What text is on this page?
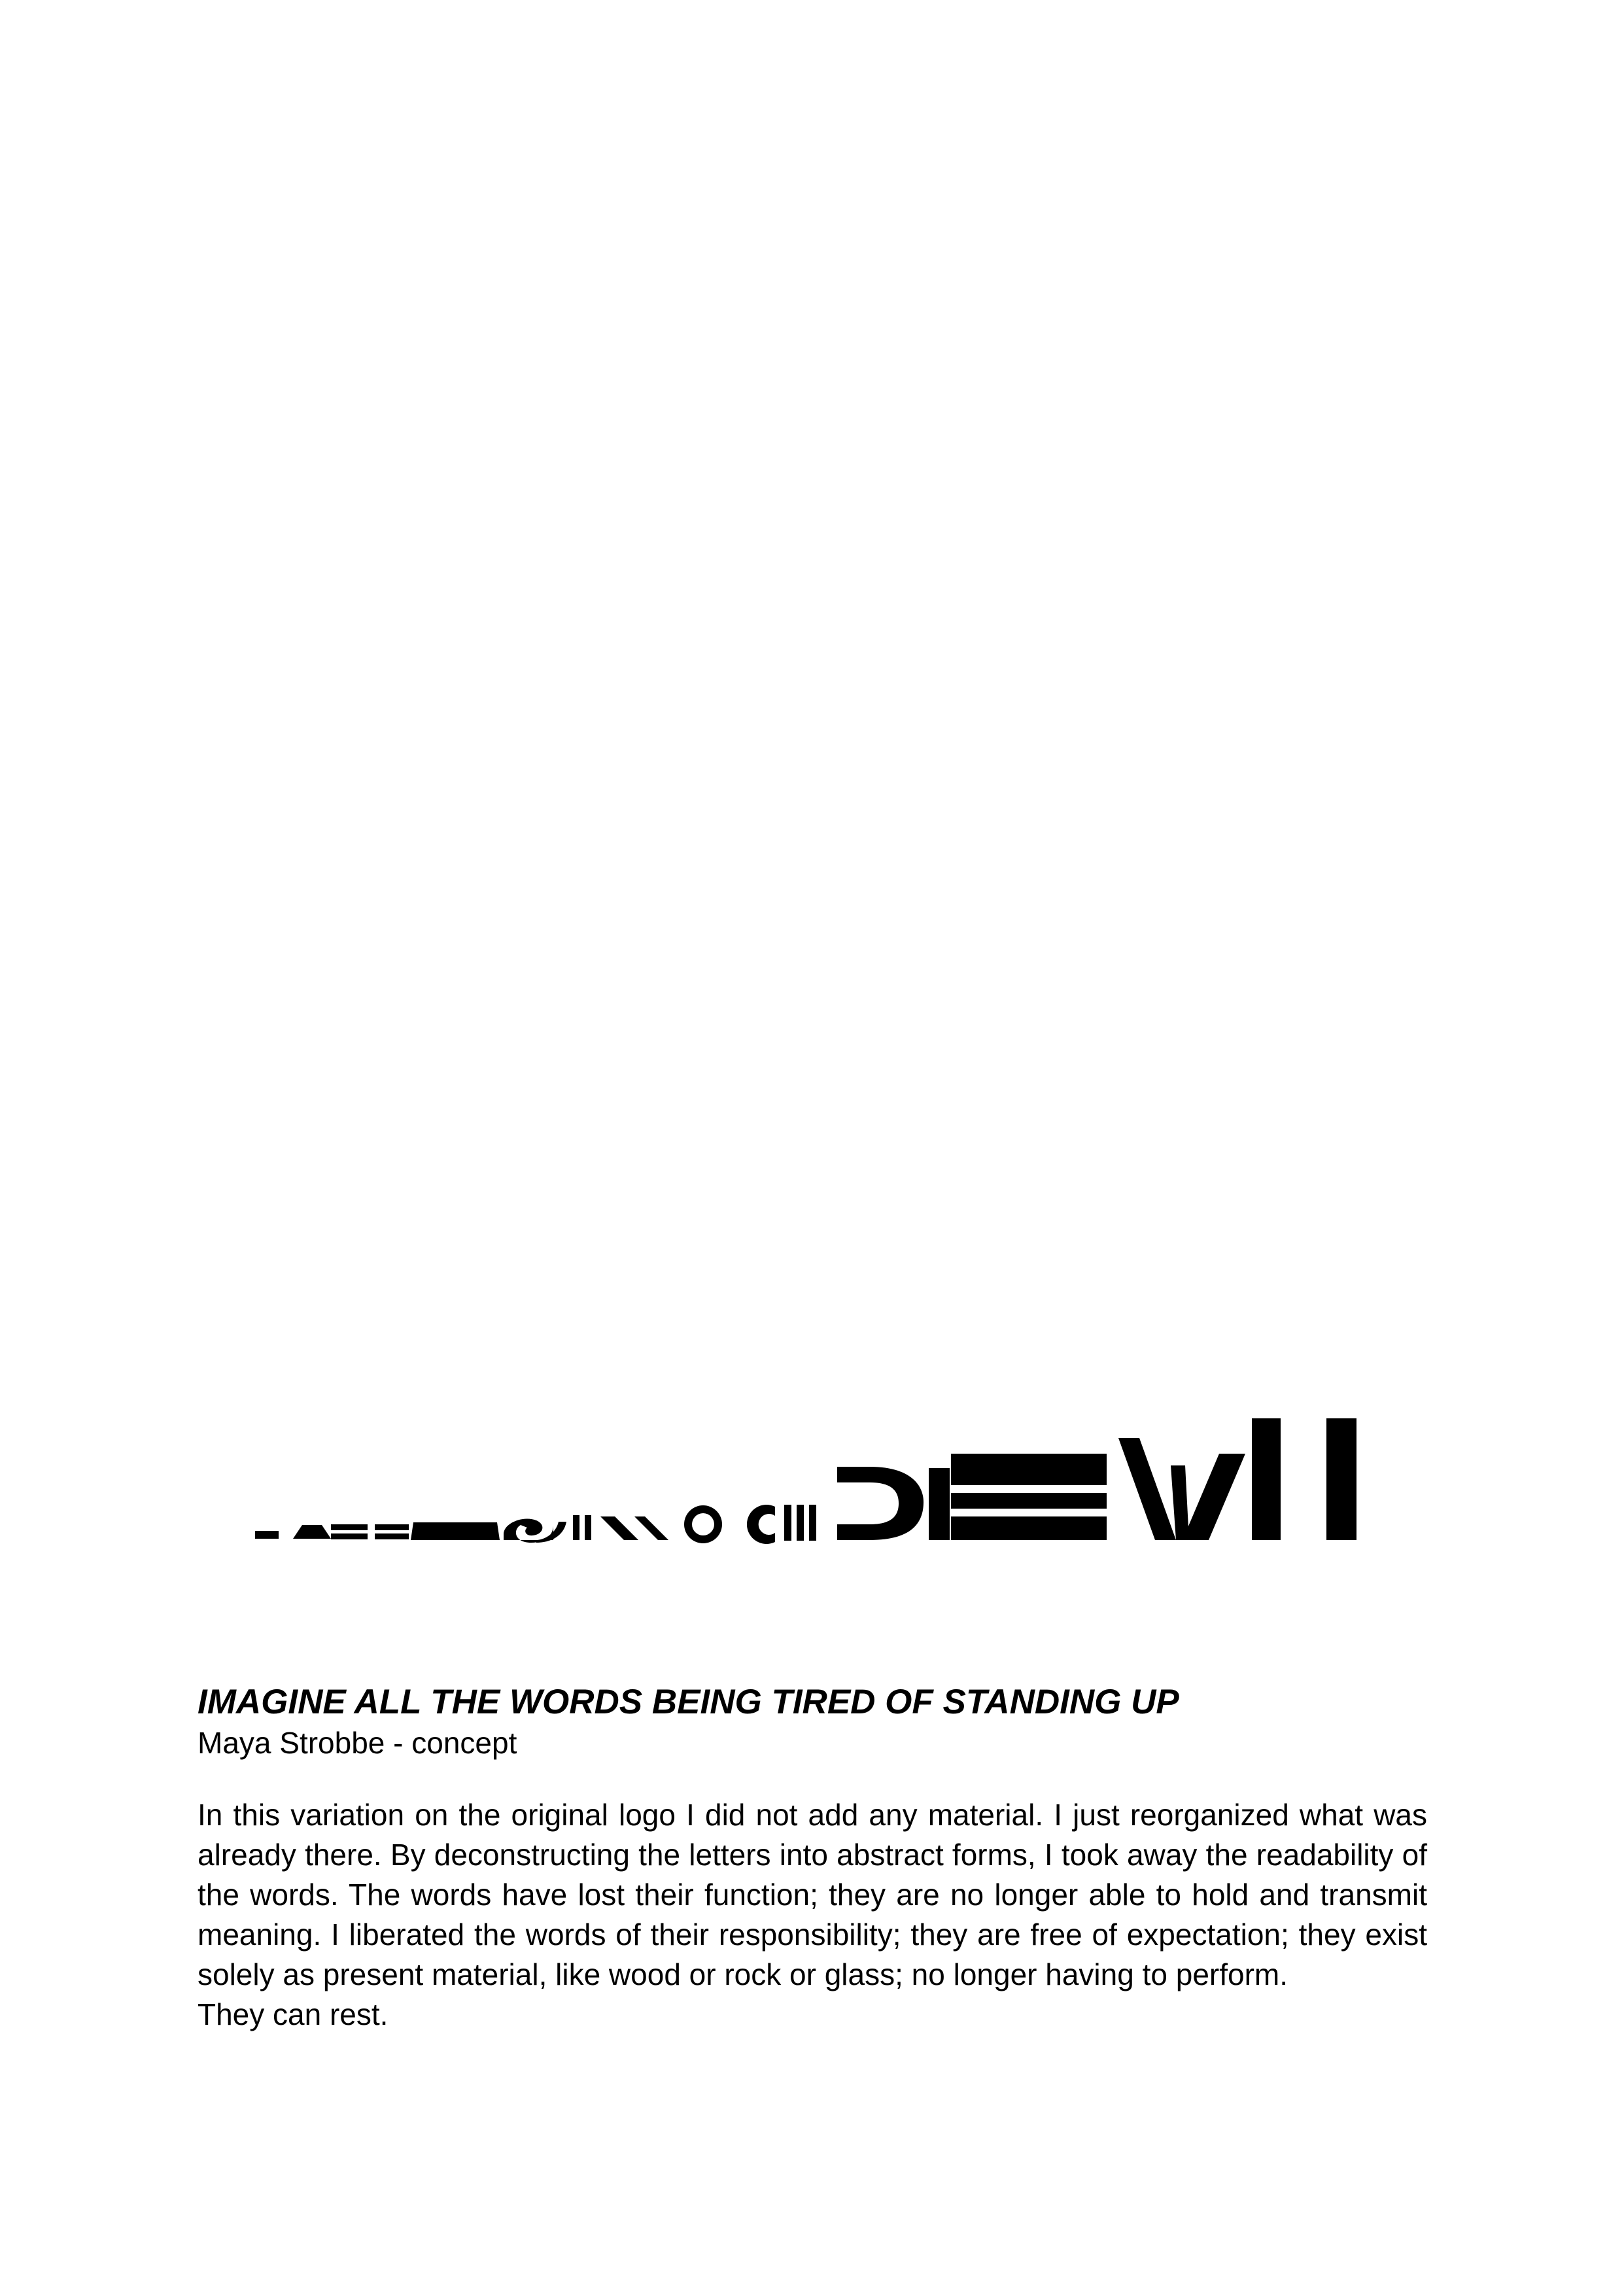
IMAGINE ALL THE WORDS BEING TIRED OF STANDING UP

Maya Strobbe - concept

In this variation on the original logo I did not add any material. I just reorganized what was already there. By deconstructing the letters into abstract forms, I took away the readability of the words. The words have lost their function; they are no longer able to hold and transmit meaning. I liberated the words of their responsibility; they are free of expectation; they exist solely as present material, like wood or rock or glass; no longer having to perform.

They can rest.
